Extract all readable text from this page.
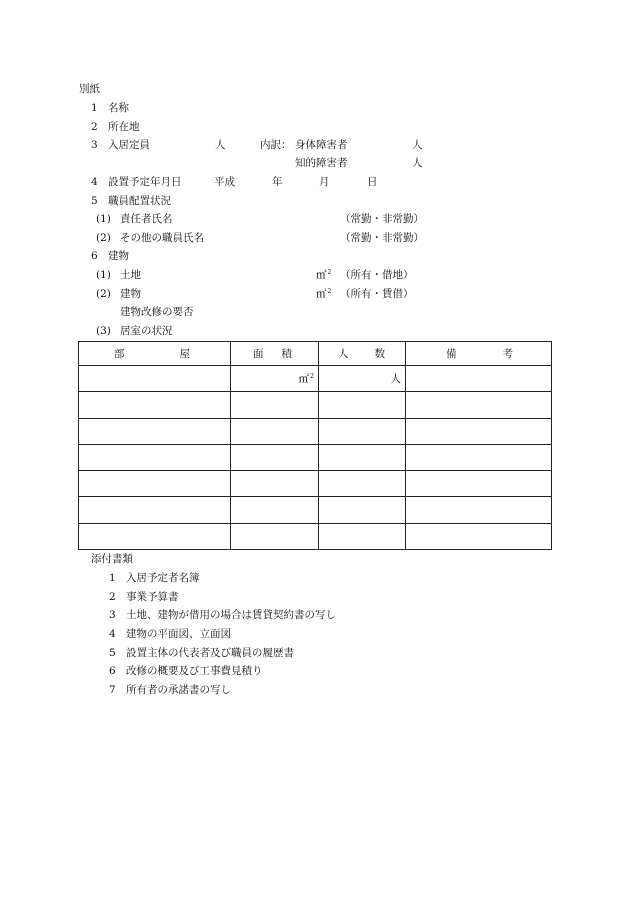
別紙
1 名称
2 所在地
3 入居定員	人	内訳： 身体障害者	人
知的障害者	人
4 設置予定年月日	平成	年	月	日
5 職員配置状況
(1) 責任者氏名	（常勤・非常勤）
(2) その他の職員氏名	（常勤・非常勤）
6 建物
(1) 土地	㎡$^2$ （所有・借地）
(2) 建物	㎡$^2$ （所有・賃借）
建物改修の要否
(3) 居室の状況
部 屋	面 積	人 数	備 考

	㎡$^2$	人	

添付書類
1 入居予定者名簿
2 事業予算書
3 土地、建物が借用の場合は賃貸契約書の写し
4 建物の平面図、立面図
5 設置主体の代表者及び職員の履歴書
6 改修の概要及び工事費見積り
7 所有者の承諾書の写し
